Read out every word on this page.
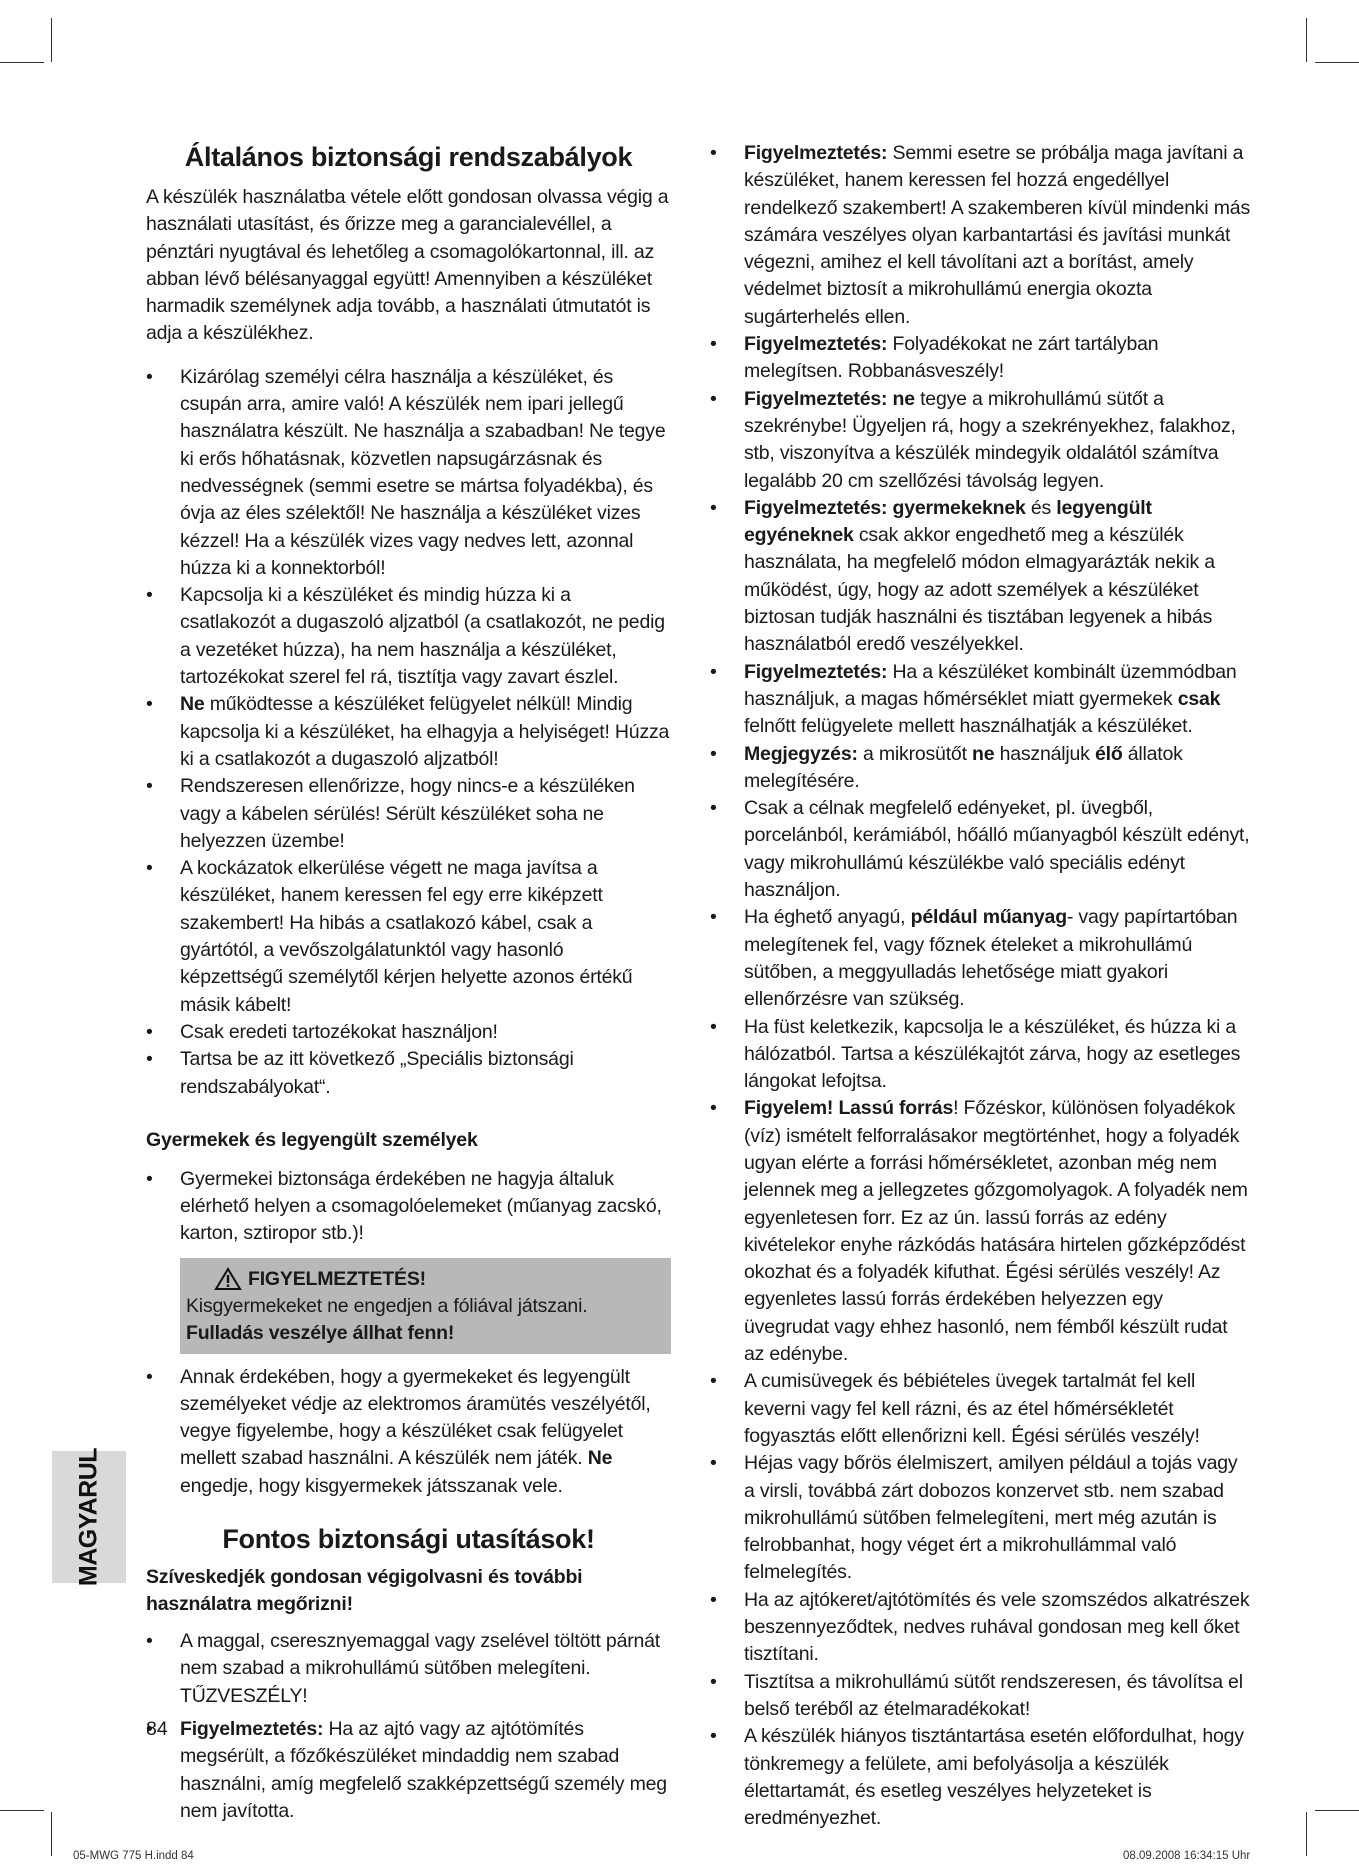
Általános biztonsági rendszabályok

A készülék használatba vétele előtt gondosan olvassa végig a használati utasítást, és őrizze meg a garancialevéllel, a pénztári nyugtával és lehetőleg a csomagolókartonnal, ill. az abban lévő bélésanyaggal együtt! Amennyiben a készüléket harmadik személynek adja tovább, a használati útmutatót is adja a készülékhez.

• Kizárólag személyi célra használja a készüléket, és csupán arra, amire való! A készülék nem ipari jellegű használatra készült. Ne használja a szabadban! Ne tegye ki erős hőhatásnak, közvetlen napsugárzásnak és nedvességnek (semmi esetre se mártsa folyadékba), és óvja az éles szélektől! Ne használja a készüléket vizes kézzel! Ha a készülék vizes vagy nedves lett, azonnal húzza ki a konnektorból!
• Kapcsolja ki a készüléket és mindig húzza ki a csatlakozót a dugaszoló aljzatból (a csatlakozót, ne pedig a vezetéket húzza), ha nem használja a készüléket, tartozékokat szerel fel rá, tisztítja vagy zavart észlel.
• Ne működtesse a készüléket felügyelet nélkül! Mindig kapcsolja ki a készüléket, ha elhagyja a helyiséget! Húzza ki a csatlakozót a dugaszoló aljzatból!
• Rendszeresen ellenőrizze, hogy nincs-e a készüléken vagy a kábelen sérülés! Sérült készüléket soha ne helyezzen üzembe!
• A kockázatok elkerülése végett ne maga javítsa a készüléket, hanem keressen fel egy erre kiképzett szakembert! Ha hibás a csatlakozó kábel, csak a gyártótól, a vevőszolgálatunktól vagy hasonló képzettségű személytől kérjen helyette azonos értékű másik kábelt!
• Csak eredeti tartozékokat használjon!
• Tartsa be az itt következő „Speciális biztonsági rendszabályokat“.
Gyermekek és legyengült személyek
• Gyermekei biztonsága érdekében ne hagyja általuk elérhető helyen a csomagolóelemeket (műanyag zacskó, karton, sztiropor stb.)!
FIGYELMEZTETÉS!
Kisgyermekeket ne engedjen a fóliával játszani. Fulladás veszélye állhat fenn!
• Annak érdekében, hogy a gyermekeket és legyengült személyeket védje az elektromos áramütés veszélyétől, vegye figyelembe, hogy a készüléket csak felügyelet mellett szabad használni. A készülék nem játék. Ne engedje, hogy kisgyermekek játsszanak vele.
Fontos biztonsági utasítások!
Szíveskedjék gondosan végigolvasni és további használatra megőrizni!
• A maggal, cseresznyemaggal vagy zselével töltött párnát nem szabad a mikrohullámú sütőben melegíteni. TŰZVESZÉLY!
• Figyelmeztetés: Ha az ajtó vagy az ajtótömítés megsérült, a főzőkészüléket mindaddig nem szabad használni, amíg megfelelő szakképzettségű személy meg nem javította.
• Figyelmeztetés: Semmi esetre se próbálja maga javítani a készüléket, hanem keressen fel hozzá engedéllyel rendelkező szakembert! A szakemberen kívül mindenki más számára veszélyes olyan karbantartási és javítási munkát végezni, amihez el kell távolítani azt a borítást, amely védelmet biztosít a mikrohullámú energia okozta sugárterhelés ellen.
• Figyelmeztetés: Folyadékokat ne zárt tartályban melegítsen. Robbanásveszély!
• Figyelmeztetés: ne tegye a mikrohullámú sütőt a szekrénybe! Ügyeljen rá, hogy a szekrényekhez, falakhoz, stb, viszonyítva a készülék mindegyik oldalától számítva legalább 20 cm szellőzési távolság legyen.
• Figyelmeztetés: gyermekeknek és legyengült egyéneknek csak akkor engedhető meg a készülék használata, ha megfelelő módon elmagyarázták nekik a működést, úgy, hogy az adott személyek a készüléket biztosan tudják használni és tisztában legyenek a hibás használatból eredő veszélyekkel.
• Figyelmeztetés: Ha a készüléket kombinált üzemmódban használjuk, a magas hőmérséklet miatt gyermekek csak felnőtt felügyelete mellett használhatják a készüléket.
• Megjegyzés: a mikrosütőt ne használjuk élő állatok melegítésére.
• Csak a célnak megfelelő edényeket, pl. üvegből, porcelánból, kerámiából, hőálló műanyagból készült edényt, vagy mikrohullámú készülékbe való speciális edényt használjon.
• Ha éghető anyagú, például műanyag- vagy papírtartóban melegítenek fel, vagy főznek ételeket a mikrohullámú sütőben, a meggyulladás lehetősége miatt gyakori ellenőrzésre van szükség.
• Ha füst keletkezik, kapcsolja le a készüléket, és húzza ki a hálózatból. Tartsa a készülékajtót zárva, hogy az esetleges lángokat lefojtsa.
• Figyelem! Lassú forrás! Főzéskor, különösen folyadékok (víz) ismételt felforralásakor megtörténhet, hogy a folyadék ugyan elérte a forrási hőmérsékletet, azonban még nem jelennek meg a jellegzetes gőzgomolyagok. A folyadék nem egyenletesen forr. Ez az ún. lassú forrás az edény kivételekor enyhe rázkódás hatására hirtelen gőzképződést okozhat és a folyadék kifuthat. Égési sérülés veszély! Az egyenletes lassú forrás érdekében helyezzen egy üvegrudat vagy ehhez hasonló, nem fémből készült rudat az edénybe.
• A cumisüvegek és bébiételes üvegek tartalmát fel kell keverni vagy fel kell rázni, és az étel hőmérsékletét fogyasztás előtt ellenőrizni kell. Égési sérülés veszély!
• Héjas vagy bőrös élelmiszert, amilyen például a tojás vagy a virsli, továbbá zárt dobozos konzervet stb. nem szabad mikrohullámú sütőben felmelegíteni, mert még azután is felrobbanhat, hogy véget ért a mikrohullámmal való felmelegítés.
• Ha az ajtókeret/ajtótömítés és vele szomszédos alkatrészek beszennyeződtek, nedves ruhával gondosan meg kell őket tisztítani.
• Tisztítsa a mikrohullámú sütőt rendszeresen, és távolítsa el belső teréből az ételmaradékokat!
• A készülék hiányos tisztántartása esetén előfordulhat, hogy tönkremegy a felülete, ami befolyásolja a készülék élettartamát, és esetleg veszélyes helyzeteket is eredményezhet.
MAGYARUL
84
05-MWG 775 H.indd 84	08.09.2008 16:34:15 Uhr
